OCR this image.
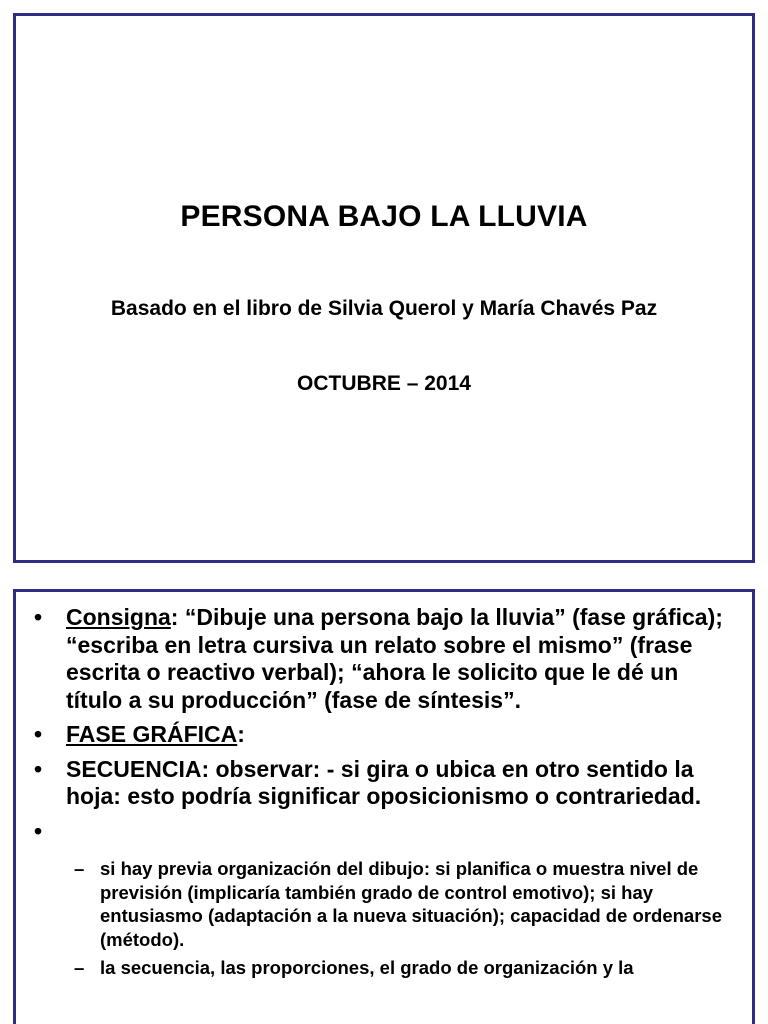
PERSONA BAJO LA LLUVIA
Basado en el libro de Silvia Querol y María Chavés Paz
OCTUBRE – 2014
• Consigna: “Dibuje una persona bajo la lluvia” (fase gráfica); “escriba en letra cursiva un relato sobre el mismo” (frase escrita o reactivo verbal); “ahora le solicito que le dé un título a su producción” (fase de síntesis”.
• FASE GRÁFICA:
• SECUENCIA: observar: - si gira o ubica en otro sentido la hoja: esto podría significar oposicionismo o contrariedad.
•
– si hay previa organización del dibujo: si planifica o muestra nivel de previsión (implicaría también grado de control emotivo); si hay entusiasmo (adaptación a la nueva situación); capacidad de ordenarse (método).
– la secuencia, las proporciones, el grado de organización y la
